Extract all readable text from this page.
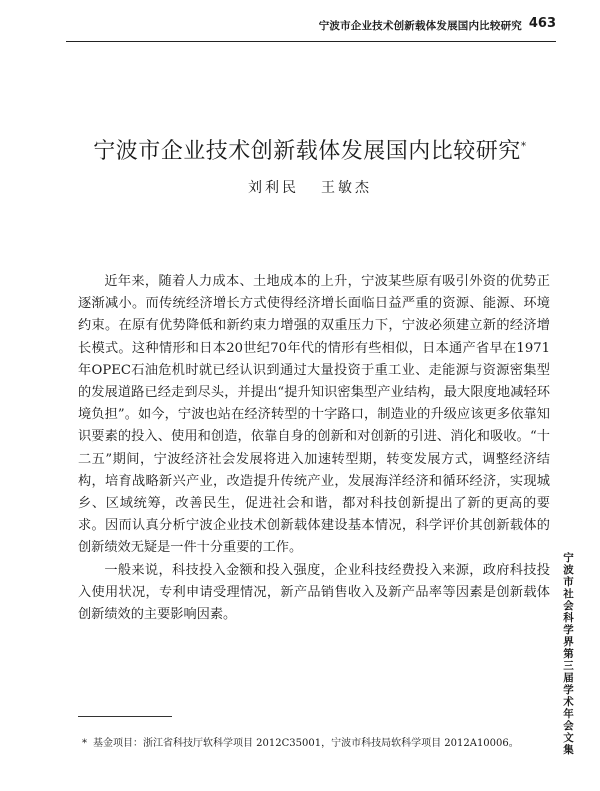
宁波市企业技术创新载体发展国内比较研究 463
宁波市企业技术创新载体发展国内比较研究*
刘利民 王敏杰

近年来，随着人力成本、土地成本的上升，宁波某些原有吸引外资的优势正逐渐减小。而传统经济增长方式使得经济增长面临日益严重的资源、能源、环境约束。在原有优势降低和新约束力增强的双重压力下，宁波必须建立新的经济增长模式。这种情形和日本20世纪70年代的情形有些相似，日本通产省早在1971年OPEC石油危机时就已经认识到通过大量投资于重工业、走能源与资源密集型的发展道路已经走到尽头，并提出“提升知识密集型产业结构，最大限度地减轻环境负担”。如今，宁波也站在经济转型的十字路口，制造业的升级应该更多依靠知识要素的投入、使用和创造，依靠自身的创新和对创新的引进、消化和吸收。“十二五”期间，宁波经济社会发展将进入加速转型期，转变发展方式，调整经济结构，培育战略新兴产业，改造提升传统产业，发展海洋经济和循环经济，实现城乡、区域统筹，改善民生，促进社会和谐，都对科技创新提出了新的更高的要求。因而认真分析宁波企业技术创新载体建设基本情况，科学评价其创新载体的创新绩效无疑是一件十分重要的工作。

一般来说，科技投入金额和投入强度，企业科技经费投入来源，政府科技投入使用状况，专利申请受理情况，新产品销售收入及新产品率等因素是创新载体创新绩效的主要影响因素。	宁波市社会科学界第三届学术年会文集
* 基金项目：浙江省科技厅软科学项目 2012C35001，宁波市科技局软科学项目 2012A10006。
